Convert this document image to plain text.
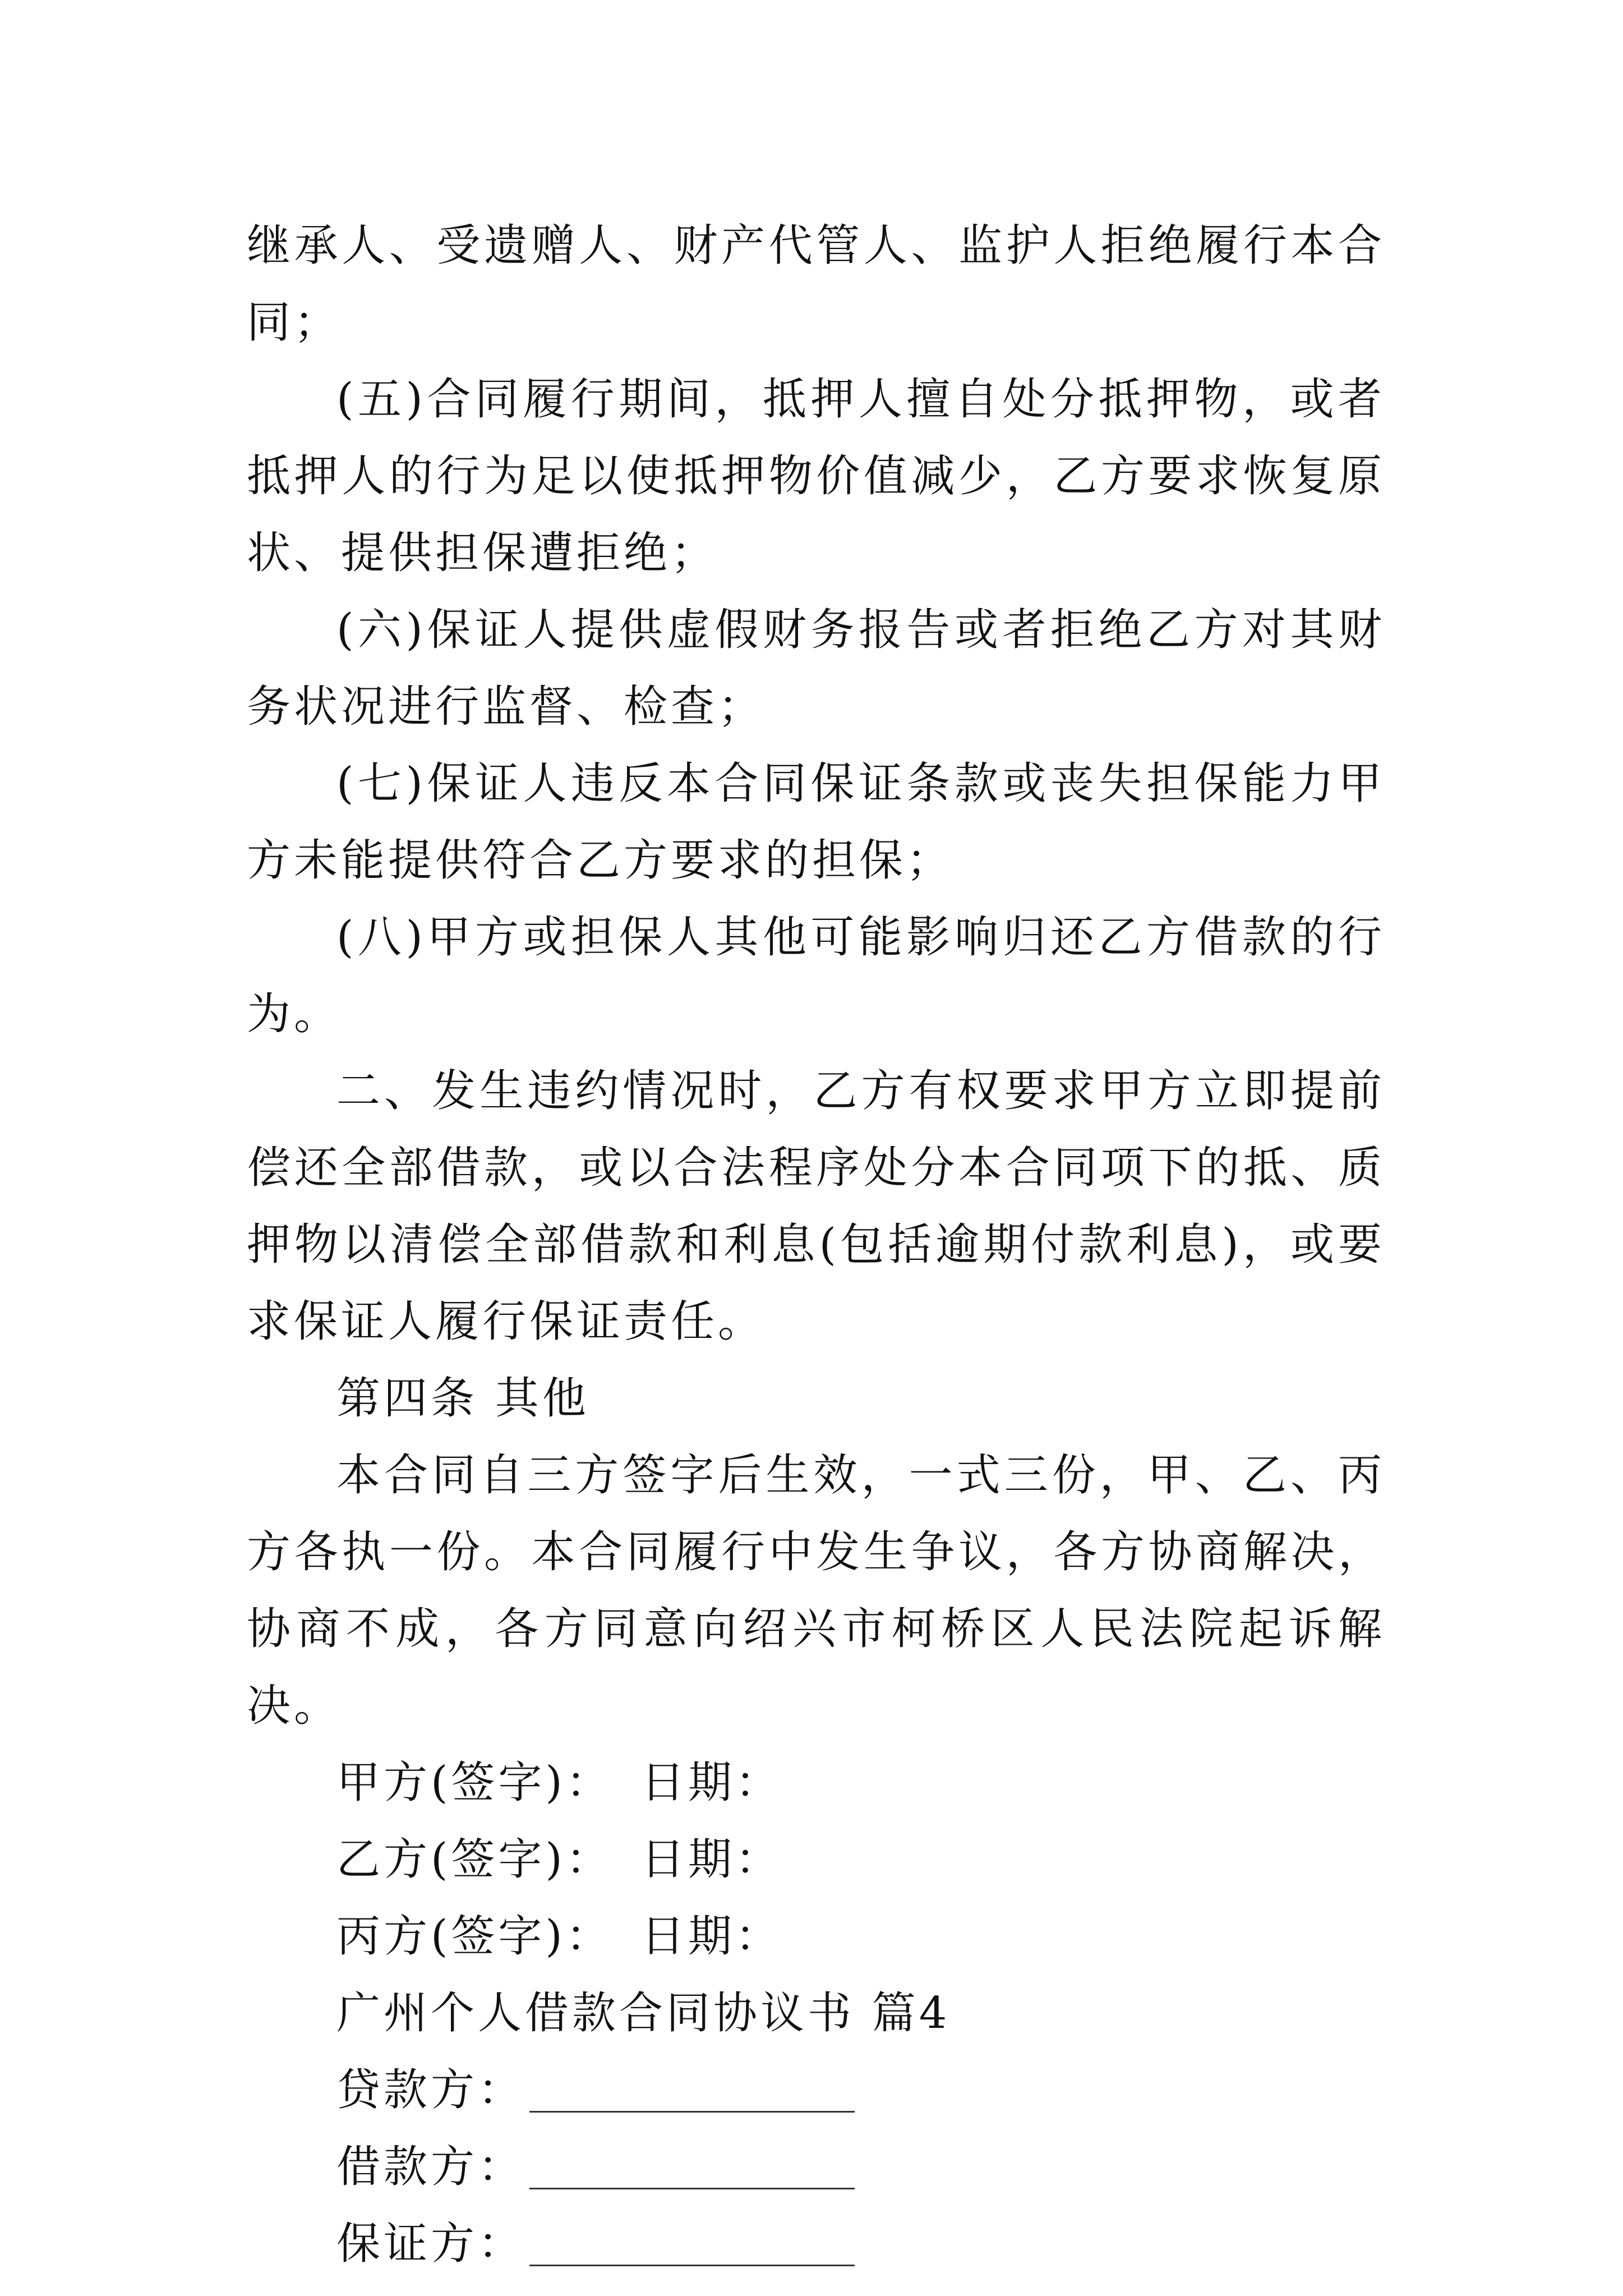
继承人、受遗赠人、财产代管人、监护人拒绝履行本合同；

(五)合同履行期间，抵押人擅自处分抵押物，或者抵押人的行为足以使抵押物价值减少，乙方要求恢复原状、提供担保遭拒绝；

(六)保证人提供虚假财务报告或者拒绝乙方对其财务状况进行监督、检查；

(七)保证人违反本合同保证条款或丧失担保能力甲方未能提供符合乙方要求的担保；

(八)甲方或担保人其他可能影响归还乙方借款的行为。

二、发生违约情况时，乙方有权要求甲方立即提前偿还全部借款，或以合法程序处分本合同项下的抵、质押物以清偿全部借款和利息(包括逾期付款利息)，或要求保证人履行保证责任。

第四条 其他

本合同自三方签字后生效，一式三份，甲、乙、丙方各执一份。本合同履行中发生争议，各方协商解决，协商不成，各方同意向绍兴市柯桥区人民法院起诉解决。

甲方(签字)： 日期：
乙方(签字)： 日期：
丙方(签字)： 日期：
广州个人借款合同协议书 篇4
贷款方：
借款方：
保证方：
